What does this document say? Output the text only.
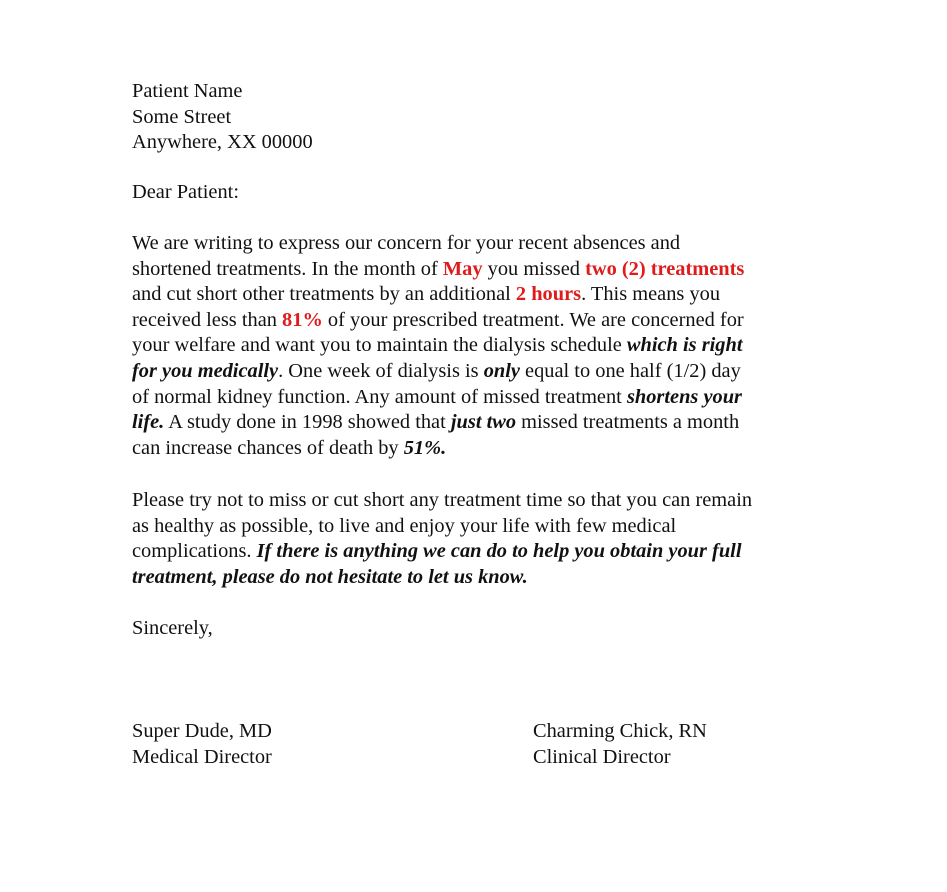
Patient Name
Some Street
Anywhere, XX 00000
Dear Patient:
We are writing to express our concern for your recent absences and
shortened treatments. In the month of May you missed two (2) treatments
and cut short other treatments by an additional 2 hours. This means you
received less than 81% of your prescribed treatment. We are concerned for
your welfare and want you to maintain the dialysis schedule which is right
for you medically. One week of dialysis is only equal to one half (1/2) day
of normal kidney function. Any amount of missed treatment shortens your
life. A study done in 1998 showed that just two missed treatments a month
can increase chances of death by 51%.
Please try not to miss or cut short any treatment time so that you can remain
as healthy as possible, to live and enjoy your life with few medical
complications. If there is anything we can do to help you obtain your full
treatment, please do not hesitate to let us know.
Sincerely,
Super Dude, MD
Medical Director
Charming Chick, RN
Clinical Director
